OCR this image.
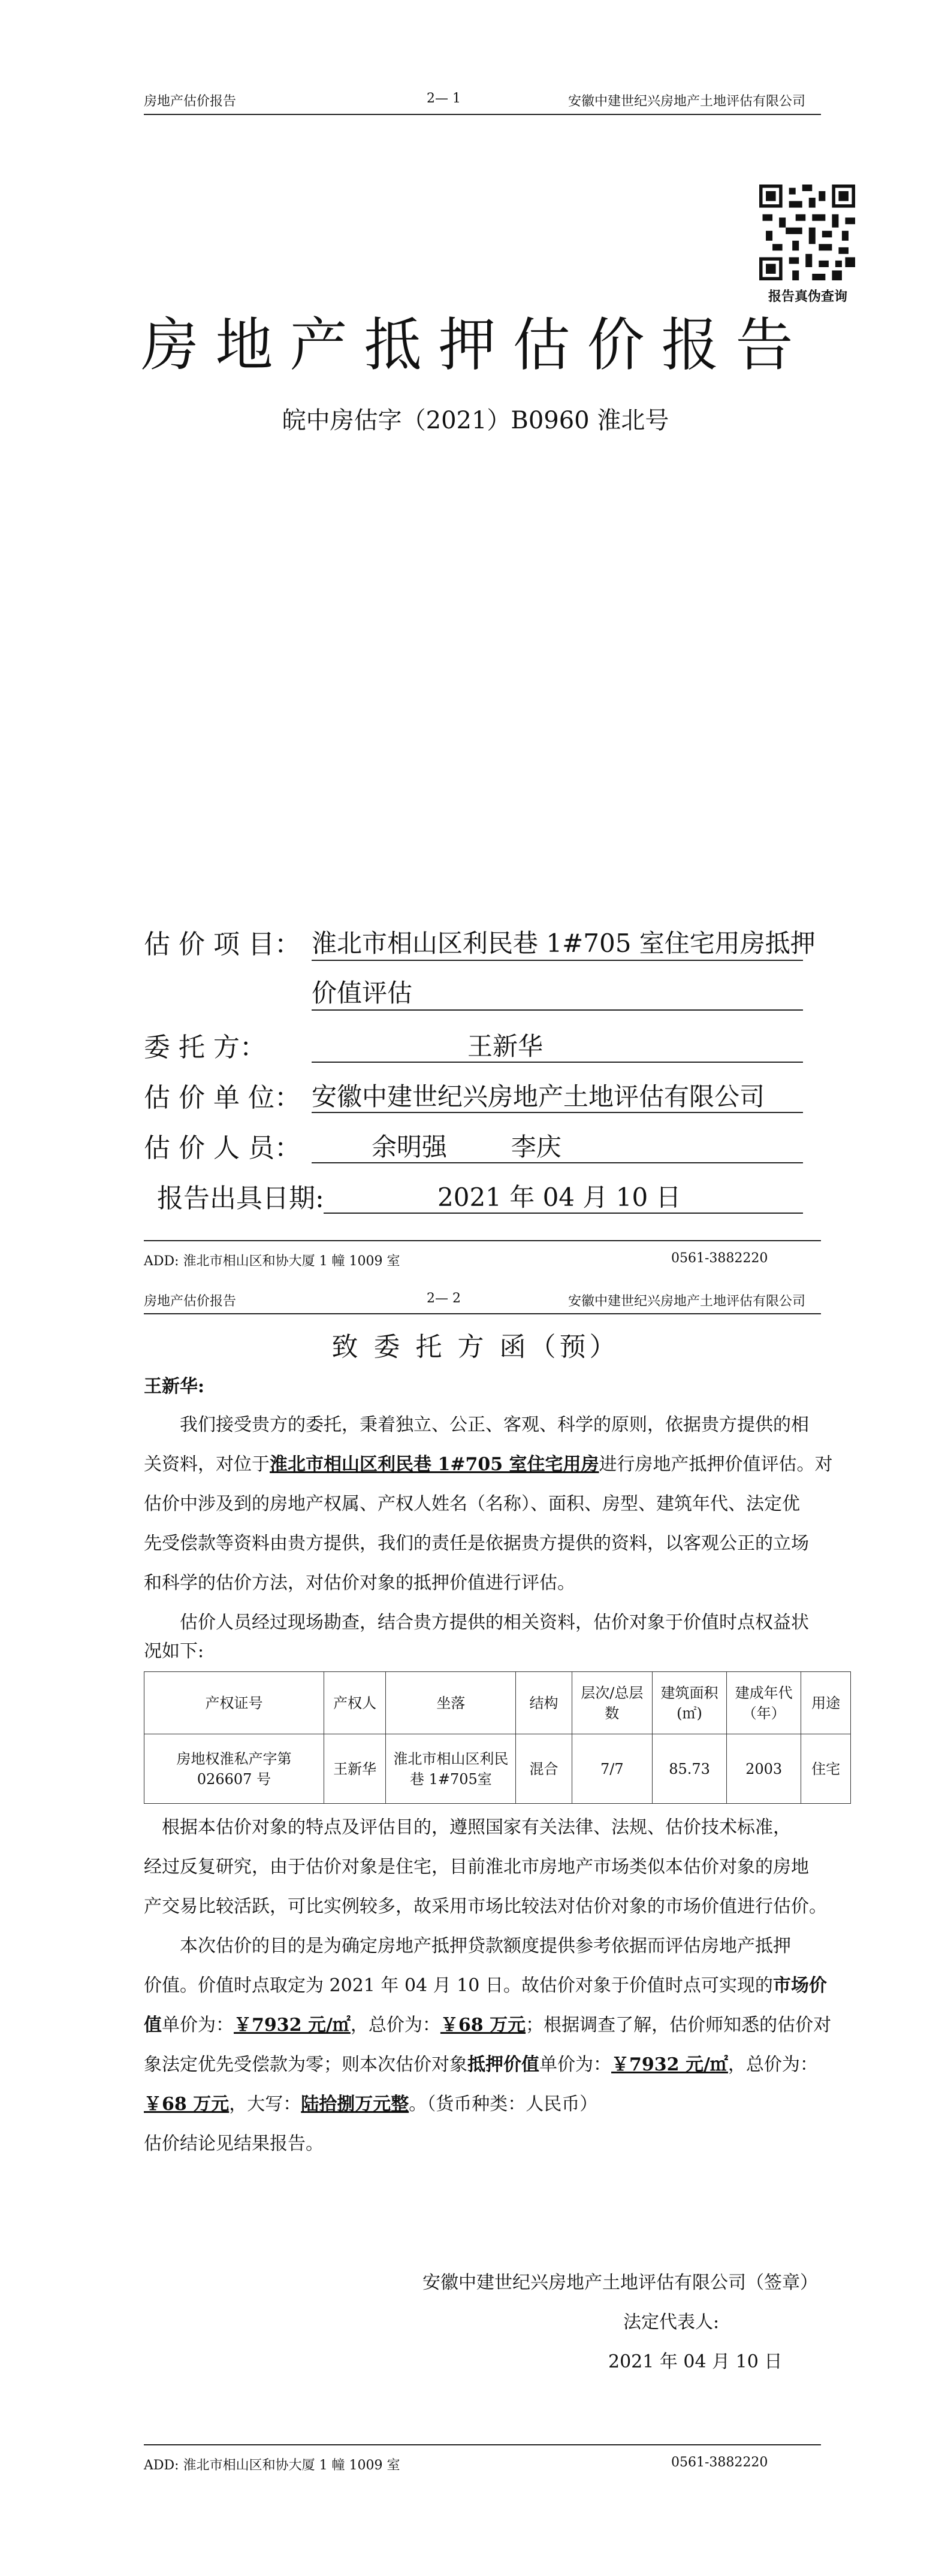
房地产估价报告	2— 1	安徽中建世纪兴房地产土地评估有限公司
报告真伪查询
房地产抵押估价报告
皖中房估字（2021）B0960 淮北号
估 价 项 目： 淮北市相山区利民巷 1#705 室住宅用房抵押
价值评估
委 托 方：	王新华
估 价 单 位： 安徽中建世纪兴房地产土地评估有限公司
估 价 人 员：	余明强        李庆
报告出具日期:	2021 年 04 月 10 日
ADD: 淮北市相山区和协大厦 1 幢 1009 室	0561-3882220
房地产估价报告	2— 2	安徽中建世纪兴房地产土地评估有限公司
致 委 托 方 函（预）
王新华:
我们接受贵方的委托，秉着独立、公正、客观、科学的原则，依据贵方提供的相
关资料，对位于淮北市相山区利民巷 1#705 室住宅用房进行房地产抵押价值评估。对
估价中涉及到的房地产权属、产权人姓名（名称）、面积、房型、建筑年代、法定优
先受偿款等资料由贵方提供，我们的责任是依据贵方提供的资料，以客观公正的立场
和科学的估价方法，对估价对象的抵押价值进行评估。
估价人员经过现场勘查，结合贵方提供的相关资料，估价对象于价值时点权益状
况如下:
产权证号	产权人	坐落	结构	层次/总层数	建筑面积(㎡)	建成年代（年）	用途
房地权淮私产字第 026607 号	王新华	淮北市相山区利民巷 1#705室	混合	7/7	85.73	2003	住宅
根据本估价对象的特点及评估目的，遵照国家有关法律、法规、估价技术标准，
经过反复研究，由于估价对象是住宅，目前淮北市房地产市场类似本估价对象的房地
产交易比较活跃，可比实例较多，故采用市场比较法对估价对象的市场价值进行估价。
本次估价的目的是为确定房地产抵押贷款额度提供参考依据而评估房地产抵押
价值。价值时点取定为 2021 年 04 月 10 日。故估价对象于价值时点可实现的市场价
值单价为：￥7932 元/㎡，总价为：￥68 万元；根据调查了解，估价师知悉的估价对
象法定优先受偿款为零；则本次估价对象抵押价值单价为：￥7932 元/㎡，总价为：
￥68 万元，大写：陆拾捌万元整。（货币种类：人民币）
估价结论见结果报告。
安徽中建世纪兴房地产土地评估有限公司（签章）
法定代表人:
2021 年 04 月 10 日
ADD: 淮北市相山区和协大厦 1 幢 1009 室	0561-3882220
